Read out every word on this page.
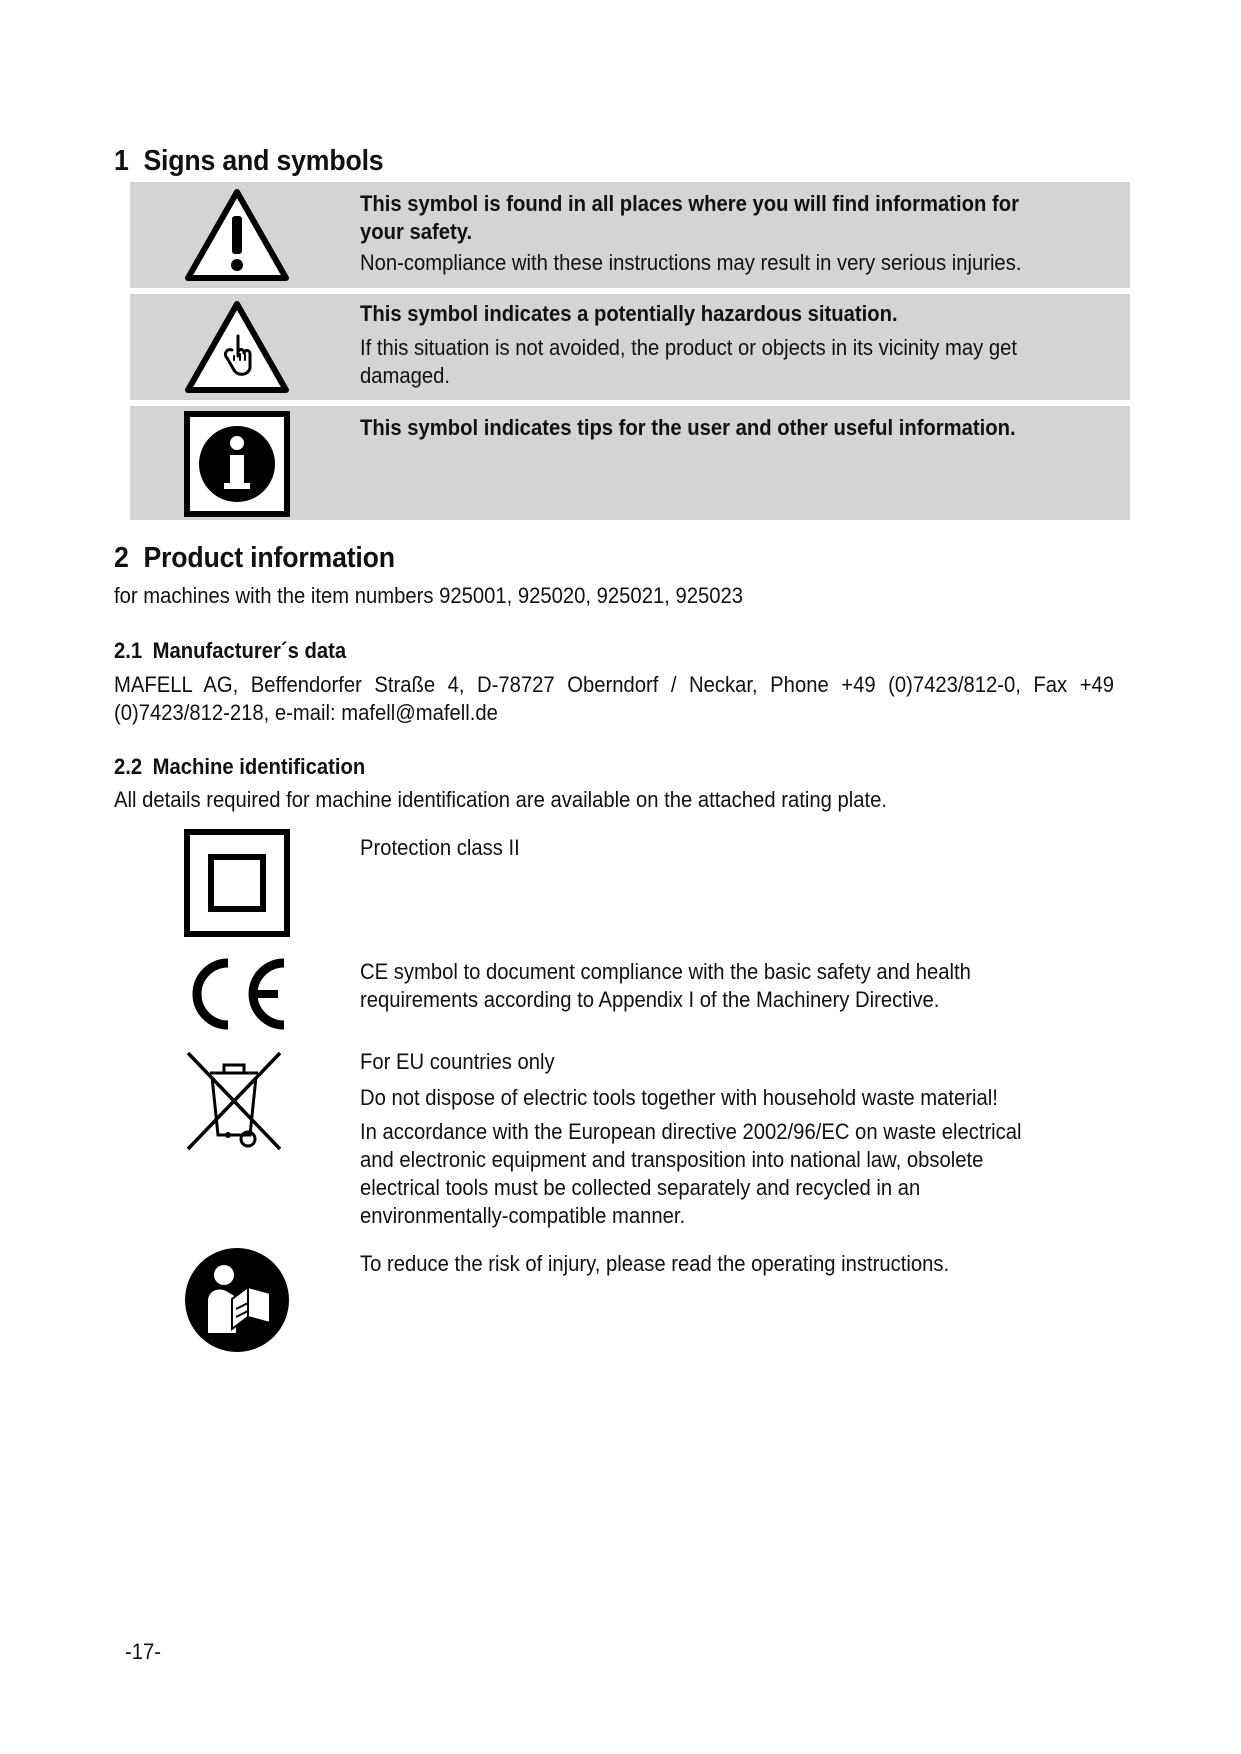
1 Signs and symbols
This symbol is found in all places where you will find information for your safety.
Non-compliance with these instructions may result in very serious injuries.
This symbol indicates a potentially hazardous situation.
If this situation is not avoided, the product or objects in its vicinity may get damaged.
This symbol indicates tips for the user and other useful information.
2 Product information
for machines with the item numbers 925001, 925020, 925021, 925023
2.1 Manufacturer´s data
MAFELL AG, Beffendorfer Straße 4, D-78727 Oberndorf / Neckar, Phone +49 (0)7423/812-0, Fax +49 (0)7423/812-218, e-mail: mafell@mafell.de
2.2 Machine identification
All details required for machine identification are available on the attached rating plate.
Protection class II
CE symbol to document compliance with the basic safety and health requirements according to Appendix I of the Machinery Directive.
For EU countries only
Do not dispose of electric tools together with household waste material!
In accordance with the European directive 2002/96/EC on waste electrical and electronic equipment and transposition into national law, obsolete electrical tools must be collected separately and recycled in an environmentally-compatible manner.
To reduce the risk of injury, please read the operating instructions.
-17-
